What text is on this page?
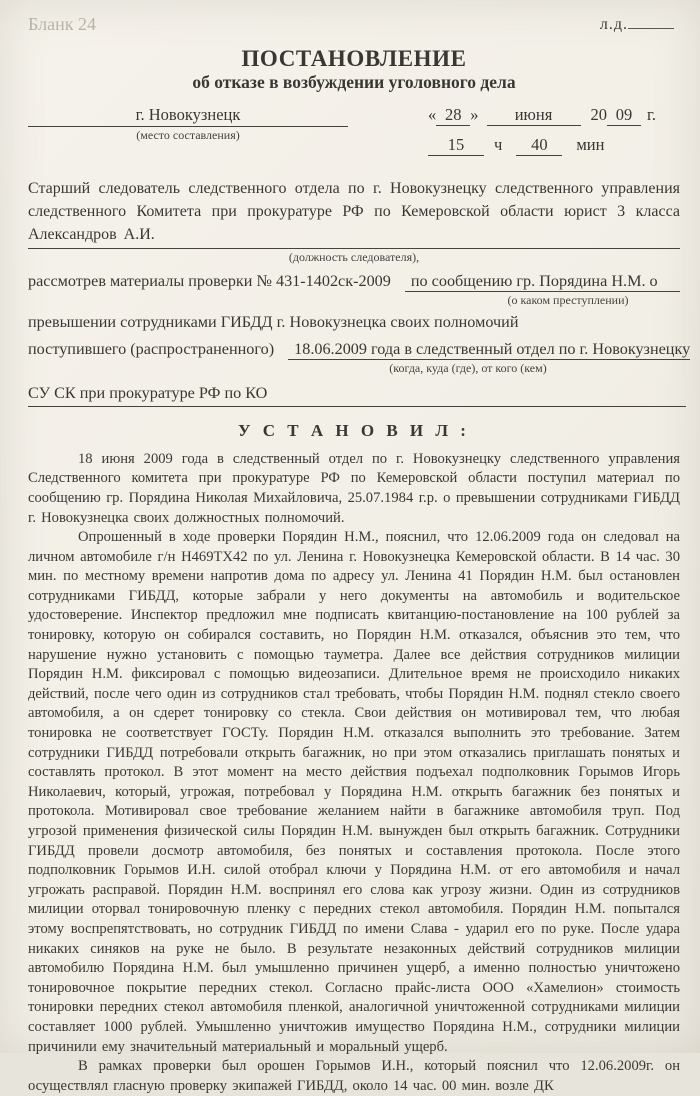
Бланк 24	л.д.
ПОСТАНОВЛЕНИЕ
об отказе в возбуждении уголовного дела
г. Новокузнецк
(место составления)
« 28 »	июня	20 09 г.
15	ч	40	мин

Старший следователь следственного отдела по г. Новокузнецку следственного управления следственного Комитета при прокуратуре РФ по Кемеровской области юрист 3 класса Александров А.И.

(должность следователя),
рассмотрев материалы проверки № 431-1402ск-2009	по сообщению гр. Порядина Н.М. о
(о каком преступлении)
превышении сотрудниками ГИБДД г. Новокузнецка своих полномочий
поступившего (распространенного)	18.06.2009 года в следственный отдел по г. Новокузнецку
(когда, куда (где), от кого (кем)
СУ СК при прокуратуре РФ по КО
У С Т А Н О В И Л :

18 июня 2009 года в следственный отдел по г. Новокузнецку следственного управления Следственного комитета при прокуратуре РФ по Кемеровской области поступил материал по сообщению гр. Порядина Николая Михайловича, 25.07.1984 г.р. о превышении сотрудниками ГИБДД г. Новокузнецка своих должностных полномочий.

Опрошенный в ходе проверки Порядин Н.М., пояснил, что 12.06.2009 года он следовал на личном автомобиле г/н Н469ТХ42 по ул. Ленина г. Новокузнецка Кемеровской области. В 14 час. 30 мин. по местному времени напротив дома по адресу ул. Ленина 41 Порядин Н.М. был остановлен сотрудниками ГИБДД, которые забрали у него документы на автомобиль и водительское удостоверение. Инспектор предложил мне подписать квитанцию-постановление на 100 рублей за тонировку, которую он собирался составить, но Порядин Н.М. отказался, объяснив это тем, что нарушение нужно установить с помощью тауметра. Далее все действия сотрудников милиции Порядин Н.М. фиксировал с помощью видеозаписи. Длительное время не происходило никаких действий, после чего один из сотрудников стал требовать, чтобы Порядин Н.М. поднял стекло своего автомобиля, а он сдерет тонировку со стекла. Свои действия он мотивировал тем, что любая тонировка не соответствует ГОСТу. Порядин Н.М. отказался выполнить это требование. Затем сотрудники ГИБДД потребовали открыть багажник, но при этом отказались приглашать понятых и составлять протокол. В этот момент на место действия подъехал подполковник Горымов Игорь Николаевич, который, угрожая, потребовал у Порядина Н.М. открыть багажник без понятых и протокола. Мотивировал свое требование желанием найти в багажнике автомобиля труп. Под угрозой применения физической силы Порядин Н.М. вынужден был открыть багажник. Сотрудники ГИБДД провели досмотр автомобиля, без понятых и составления протокола. После этого подполковник Горымов И.Н. силой отобрал ключи у Порядина Н.М. от его автомобиля и начал угрожать расправой. Порядин Н.М. воспринял его слова как угрозу жизни. Один из сотрудников милиции оторвал тонировочную пленку с передних стекол автомобиля. Порядин Н.М. попытался этому воспрепятствовать, но сотрудник ГИБДД по имени Слава - ударил его по руке. После удара никаких синяков на руке не было. В результате незаконных действий сотрудников милиции автомобилю Порядина Н.М. был умышленно причинен ущерб, а именно полностью уничтожено тонировочное покрытие передних стекол. Согласно прайс-листа ООО «Хамелион» стоимость тонировки передних стекол автомобиля пленкой, аналогичной уничтоженной сотрудниками милиции составляет 1000 рублей. Умышленно уничтожив имущество Порядина Н.М., сотрудники милиции причинили ему значительный материальный и моральный ущерб.

В рамках проверки был орошен Горымов И.Н., который пояснил что 12.06.2009г. он осуществлял гласную проверку экипажей ГИБДД, около 14 час. 00 мин. возле ДК
